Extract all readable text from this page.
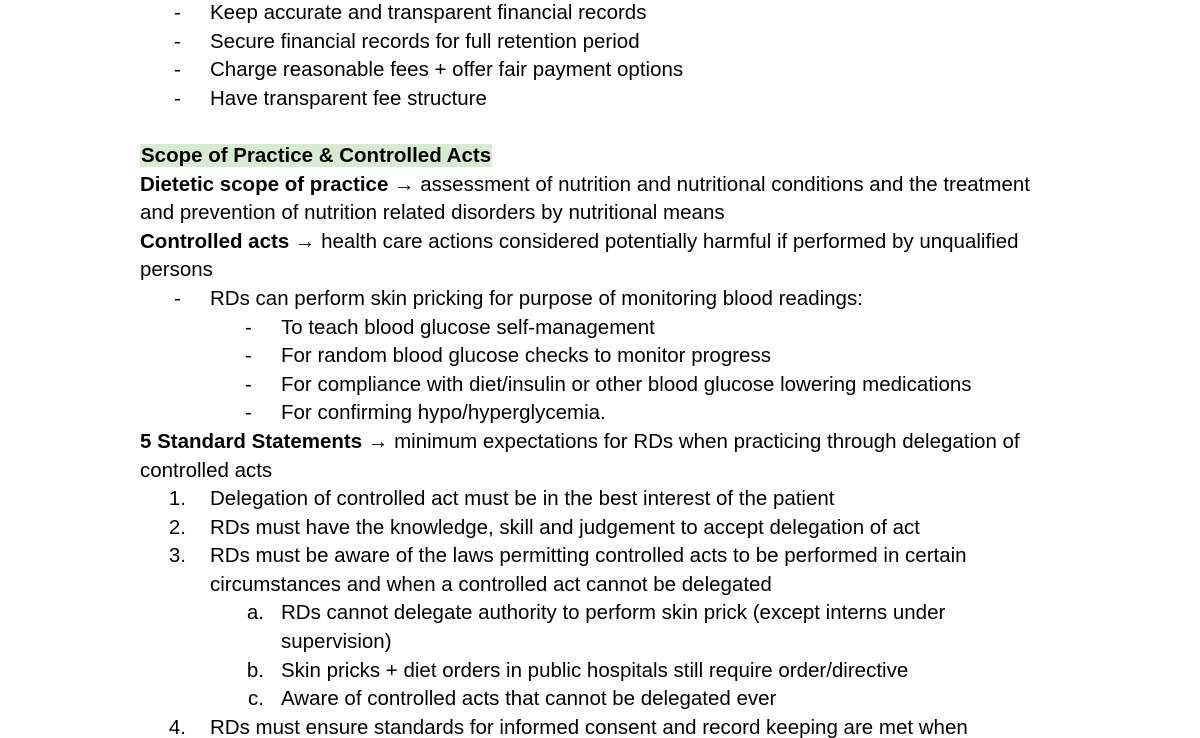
-	Keep accurate and transparent financial records
-	Secure financial records for full retention period
-	Charge reasonable fees + offer fair payment options
-	Have transparent fee structure

Scope of Practice & Controlled Acts

Dietetic scope of practice → assessment of nutrition and nutritional conditions and the treatment and prevention of nutrition related disorders by nutritional means

Controlled acts → health care actions considered potentially harmful if performed by unqualified persons

-	RDs can perform skin pricking for purpose of monitoring blood readings:
-	To teach blood glucose self-management
-	For random blood glucose checks to monitor progress
-	For compliance with diet/insulin or other blood glucose lowering medications
-	For confirming hypo/hyperglycemia.

5 Standard Statements → minimum expectations for RDs when practicing through delegation of controlled acts

1. Delegation of controlled act must be in the best interest of the patient
2. RDs must have the knowledge, skill and judgement to accept delegation of act
3. RDs must be aware of the laws permitting controlled acts to be performed in certain circumstances and when a controlled act cannot be delegated
a. RDs cannot delegate authority to perform skin prick (except interns under supervision)
b. Skin pricks + diet orders in public hospitals still require order/directive
c. Aware of controlled acts that cannot be delegated ever
4. RDs must ensure standards for informed consent and record keeping are met when
